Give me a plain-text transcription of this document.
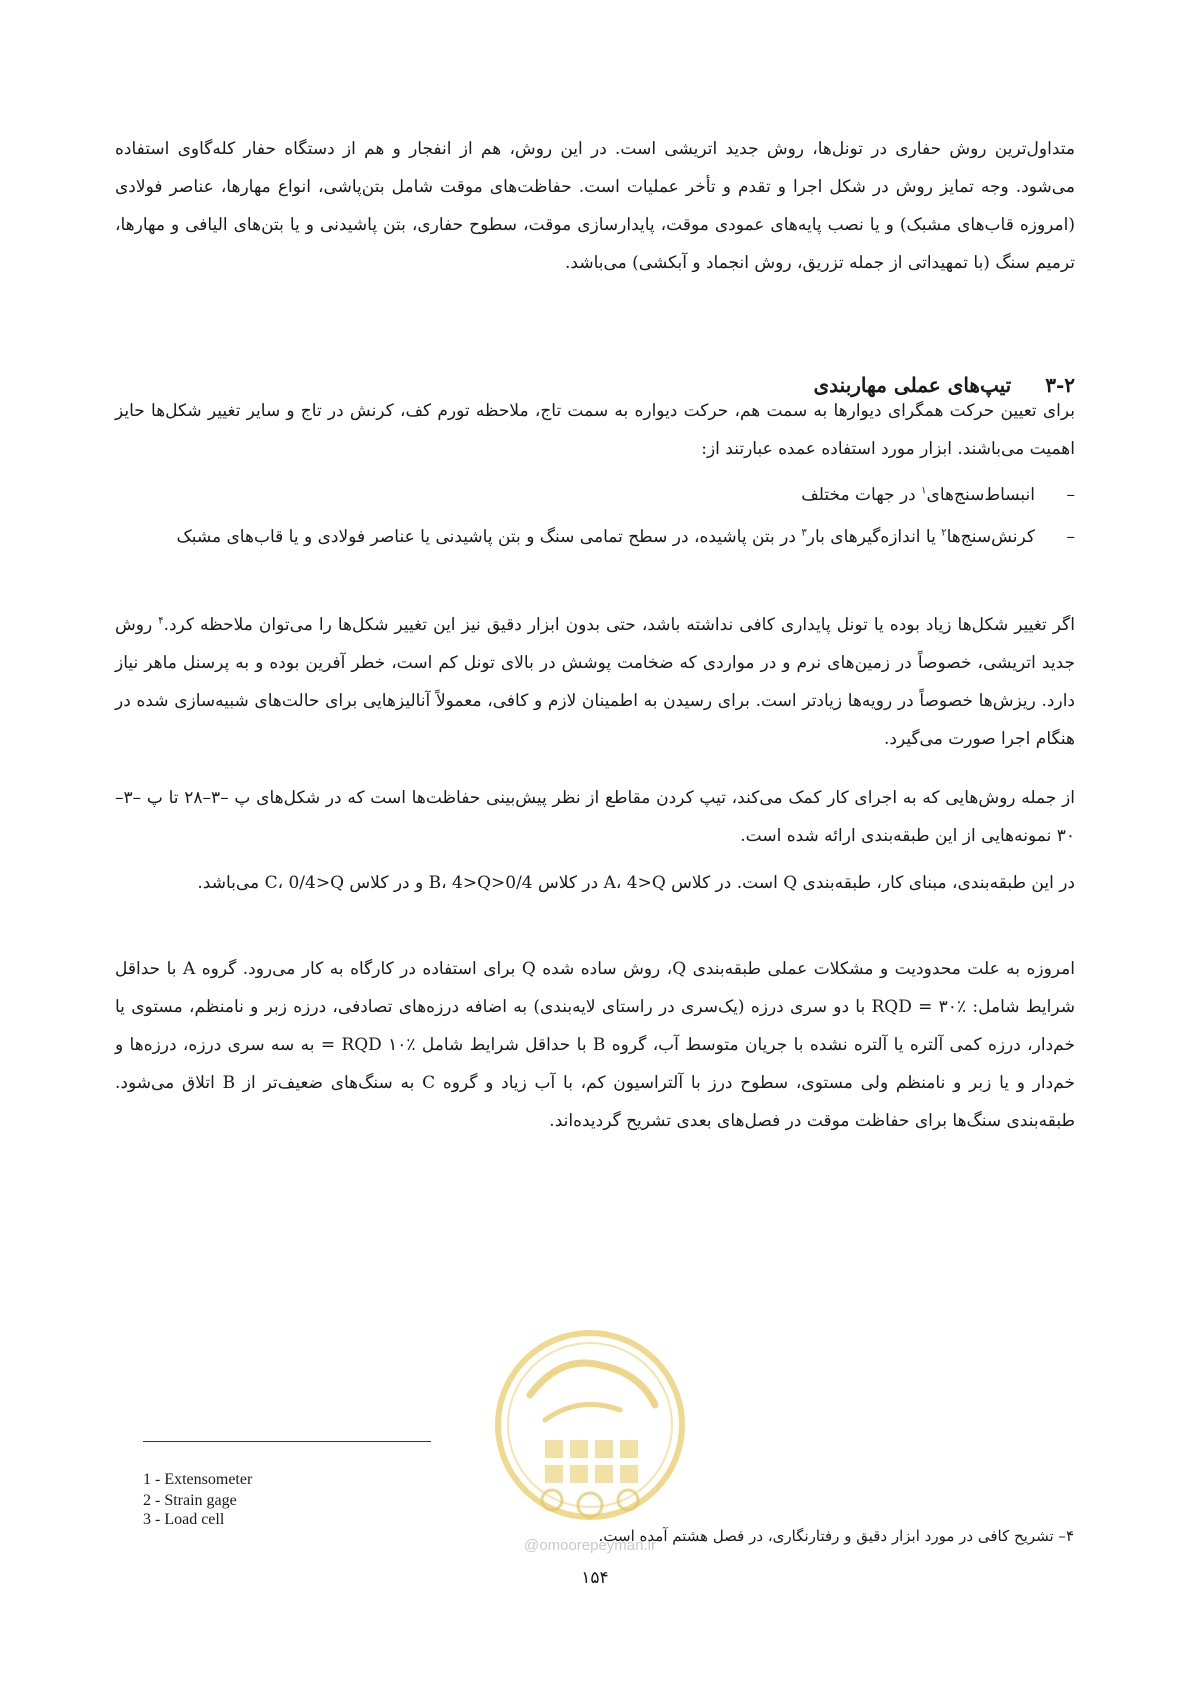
متداول‌ترین روش حفاری در تونل‌ها، روش جدید اتریشی است. در این روش، هم از انفجار و هم از دستگاه حفار کله‌گاوی استفاده می‌شود. وجه تمایز روش در شکل اجرا و تقدم و تأخر عملیات است. حفاظت‌های موقت شامل بتن‌پاشی، انواع مهارها، عناصر فولادی (امروزه قاب‌های مشبک) و یا نصب پایه‌های عمودی موقت، پایدارسازی موقت، سطوح حفاری، بتن پاشیدنی و یا بتن‌های الیافی و مهارها، ترمیم سنگ (با تمهیداتی از جمله تزریق، روش انجماد و آبکشی) می‌باشد.

۳-۲تیپ‌های عملی مهاربندی

برای تعیین حرکت همگرای دیوارها به سمت هم، حرکت دیواره به سمت تاج، ملاحظه تورم کف، کرنش در تاج و سایر تغییر شکل‌ها حایز اهمیت می‌باشند. ابزار مورد استفاده عمده عبارتند از:

–
انبساط‌سنج‌های$^۱$ در جهات مختلف
–
کرنش‌سنج‌ها$^۲$ یا اندازه‌گیرهای بار$^۳$ در بتن پاشیده، در سطح تمامی سنگ و بتن پاشیدنی یا عناصر فولادی و یا قاب‌های مشبک

اگر تغییر شکل‌ها زیاد بوده یا تونل پایداری کافی نداشته باشد، حتی بدون ابزار دقیق نیز این تغییر شکل‌ها را می‌توان ملاحظه کرد.$^۴$ روش جدید اتریشی، خصوصاً در زمین‌های نرم و در مواردی که ضخامت پوشش در بالای تونل کم است، خطر آفرین بوده و به پرسنل ماهر نیاز دارد. ریزش‌ها خصوصاً در رویه‌ها زیادتر است. برای رسیدن به اطمینان لازم و کافی، معمولاً آنالیزهایی برای حالت‌های شبیه‌سازی شده در هنگام اجرا صورت می‌گیرد.

از جمله روش‌هایی که به اجرای کار کمک می‌کند، تیپ کردن مقاطع از نظر پیش‌بینی حفاظت‌ها است که در شکل‌های پ –۳–۲۸ تا پ –۳–۳۰ نمونه‌هایی از این طبقه‌بندی ارائه شده است.

در این طبقه‌بندی، مبنای کار، طبقه‌بندی Q است. در کلاس A، 4>Q در کلاس B، 4>Q>0/4 و در کلاس C، 0/4>Q می‌باشد.

امروزه به علت محدودیت و مشکلات عملی طبقه‌بندی Q، روش ساده شده Q برای استفاده در کارگاه به کار می‌رود. گروه A با حداقل شرایط شامل: RQD = ۳۰٪ با دو سری درزه (یک‌سری در راستای لایه‌بندی) به اضافه درزه‌های تصادفی، درزه زبر و نامنظم، مستوی یا خم‌دار، درزه کمی آلتره یا آلتره نشده با جریان متوسط آب، گروه B با حداقل شرایط شامل RQD ۱۰٪ = به سه سری درزه، درزه‌ها و خم‌دار و یا زبر و نامنظم ولی مستوی، سطوح درز با آلتراسیون کم، با آب زیاد و گروه C به سنگ‌های ضعیف‌تر از B اتلاق می‌شود. طبقه‌بندی سنگ‌ها برای حفاظت موقت در فصل‌های بعدی تشریح گردیده‌اند.

@omoorepeyman.ir
1 - Extensometer
2 - Strain gage
3 - Load cell
۴– تشریح کافی در مورد ابزار دقیق و رفتارنگاری، در فصل هشتم آمده است.
۱۵۴
